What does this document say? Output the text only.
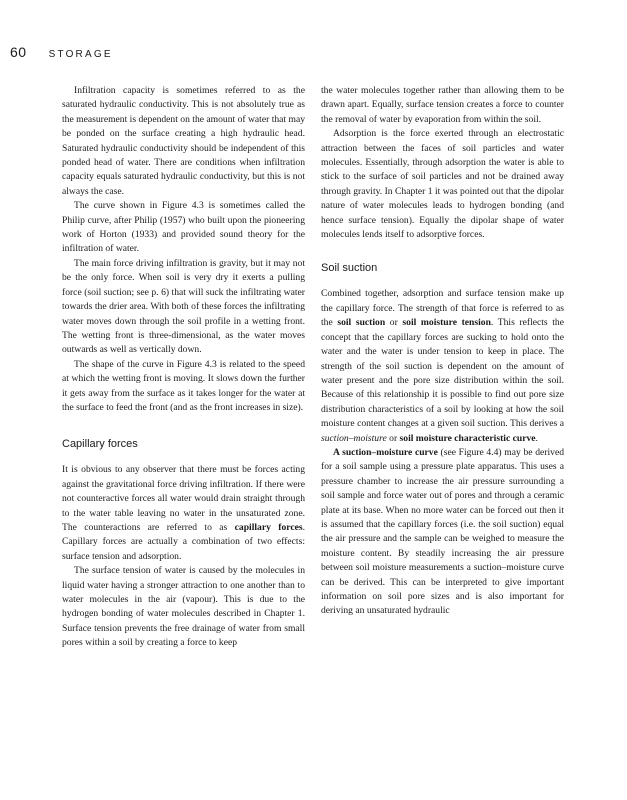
60 STORAGE

Infiltration capacity is sometimes referred to as the saturated hydraulic conductivity. This is not absolutely true as the measurement is dependent on the amount of water that may be ponded on the surface creating a high hydraulic head. Saturated hydraulic conductivity should be independent of this ponded head of water. There are conditions when infiltration capacity equals saturated hydraulic conductivity, but this is not always the case.

The curve shown in Figure 4.3 is sometimes called the Philip curve, after Philip (1957) who built upon the pioneering work of Horton (1933) and provided sound theory for the infiltration of water.

The main force driving infiltration is gravity, but it may not be the only force. When soil is very dry it exerts a pulling force (soil suction; see p. 6) that will suck the infiltrating water towards the drier area. With both of these forces the infiltrating water moves down through the soil profile in a wetting front. The wetting front is three-dimensional, as the water moves outwards as well as vertically down.

The shape of the curve in Figure 4.3 is related to the speed at which the wetting front is moving. It slows down the further it gets away from the surface as it takes longer for the water at the surface to feed the front (and as the front increases in size).

Capillary forces

It is obvious to any observer that there must be forces acting against the gravitational force driving infiltration. If there were not counteractive forces all water would drain straight through to the water table leaving no water in the unsaturated zone. The counteractions are referred to as capillary forces. Capillary forces are actually a combination of two effects: surface tension and adsorption.

The surface tension of water is caused by the molecules in liquid water having a stronger attraction to one another than to water molecules in the air (vapour). This is due to the hydrogen bonding of water molecules described in Chapter 1. Surface tension prevents the free drainage of water from small pores within a soil by creating a force to keep

the water molecules together rather than allowing them to be drawn apart. Equally, surface tension creates a force to counter the removal of water by evaporation from within the soil.

Adsorption is the force exerted through an electrostatic attraction between the faces of soil particles and water molecules. Essentially, through adsorption the water is able to stick to the surface of soil particles and not be drained away through gravity. In Chapter 1 it was pointed out that the dipolar nature of water molecules leads to hydrogen bonding (and hence surface tension). Equally the dipolar shape of water molecules lends itself to adsorptive forces.

Soil suction

Combined together, adsorption and surface tension make up the capillary force. The strength of that force is referred to as the soil suction or soil moisture tension. This reflects the concept that the capillary forces are sucking to hold onto the water and the water is under tension to keep in place. The strength of the soil suction is dependent on the amount of water present and the pore size distribution within the soil. Because of this relationship it is possible to find out pore size distribution characteristics of a soil by looking at how the soil moisture content changes at a given soil suction. This derives a suction–moisture or soil moisture characteristic curve.

A suction–moisture curve (see Figure 4.4) may be derived for a soil sample using a pressure plate apparatus. This uses a pressure chamber to increase the air pressure surrounding a soil sample and force water out of pores and through a ceramic plate at its base. When no more water can be forced out then it is assumed that the capillary forces (i.e. the soil suction) equal the air pressure and the sample can be weighed to measure the moisture content. By steadily increasing the air pressure between soil moisture measurements a suction–moisture curve can be derived. This can be interpreted to give important information on soil pore sizes and is also important for deriving an unsaturated hydraulic
